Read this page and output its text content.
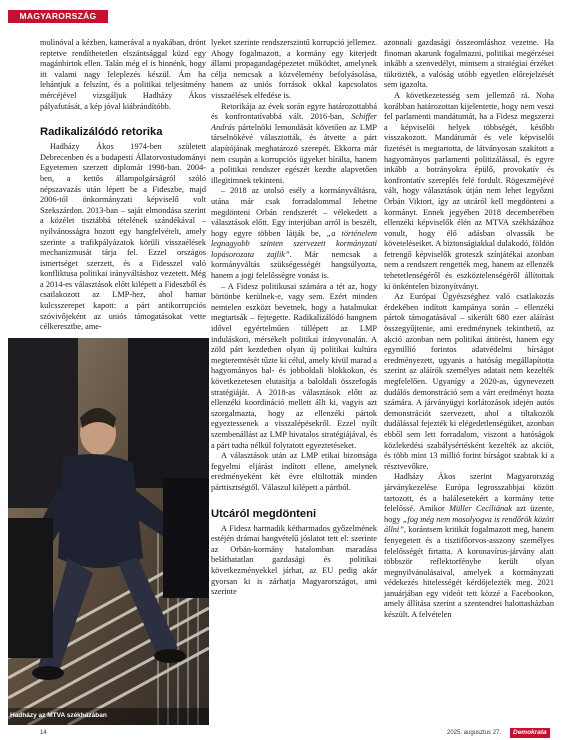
MAGYARORSZÁG

molinóval a kézben, kamerával a nyakában, drónt reptetve rendíthetetlen elszántsággal küzd egy magánbirtok ellen. Talán még el is hinnénk, hogy itt valami nagy leleplezés készül. Ám ha lehántjuk a felszínt, és a politikai teljesítmény mércéjével vizsgáljuk Hadházy Ákos pályafutását, a kép jóval kiábrándítóbb.

Radikalizálódó retorika

Hadházy Ákos 1974-ben született Debrecenben és a budapesti Állatorvostudományi Egyetemen szerzett diplomát 1998-ban. 2004-ben, a kettős állampolgárságról szóló népszavazás után lépett be a Fideszbe, majd 2006-tól önkormányzati képviselő volt Szekszárdon. 2013-ban – saját elmondása szerint a közélet tisztábbá tételének szándékával – nyilvánosságra hozott egy hangfelvételt, amely szerinte a trafikpályázatok körüli visszaélések mechanizmusát tárja fel. Ezzel országos ismertséget szerzett, és a Fidesszel való konfliktusa politikai irányváltáshoz vezetett. Még a 2014-es választások előtt kilépett a Fideszből és csatlakozott az LMP-hez, ahol hamar kulcsszerepet kapott: a párt antikorrupciós szóvivőjeként az uniós támogatásokat vette célkeresztbe, ame-

Hadházy az MTVA székházában

lyeket szerinte rendszerszintű korrupció jellemez. Ahogy fogalmazott, a kormány egy kiterjedt állami propagandagépezetet működtet, amelynek célja nemcsak a közvélemény befolyásolása, hanem az uniós források okkal kapcsolatos visszaélések elfedése is.

Retorikája az évek során egyre határozottabbá és konfrontatívabbá vált. 2016-ban, Schiffer András pártelnöki lemondását követően az LMP társelnökévé választották, és átvette a párt alapítójának meghatározó szerepét. Ekkorra már nem csupán a korrupciós ügyeket bírálta, hanem a politikai rendszer egészét kezdte alapvetően illegitimnek tekinteni.

– 2018 az utolsó esély a kormányváltásra, utána már csak forradalommal lehetne megdönteni Orbán rendszerét – vélekedett a választások előtt. Egy interjúban arról is beszélt, hogy egyre többen látják be, „a történelem legnagyobb szinten szervezett kormányzati lopásorozata zajlik”. Már nemcsak a kormányváltás szükségességét hangsúlyozta, hanem a jogi felelősségre vonást is.

– A Fidesz politikusai számára a tét az, hogy börtönbe kerülnek-e, vagy sem. Ezért minden nemtelen eszközt bevetnek, hogy a hatalmukat megtartsák – fejtegette. Radikalizálódó hangnem idővel egyértelműen túllépett az LMP induláskori, mérsékelt politikai irányvonalán. A zöld párt kezdetben olyan új politikai kultúra megteremtését tűzte ki célul, amely kívül marad a hagyományos bal- és jobboldali blokkokon, és következetesen elutasítja a baloldali összefogás stratégiáját. A 2018-as választások előtt az ellenzéki koordináció mellett állt ki, vagyis azt szorgalmazta, hogy az ellenzéki pártok egyeztessenek a visszalépésekről. Ezzel nyílt szembenállást az LMP hivatalos stratégiájával, és a párt tudta nélkül folytatott egyeztetéseket.

A választások után az LMP etikai bizottsága fegyelmi eljárást indított ellene, amelynek eredményeként két évre eltiltották minden párttisztségtől. Válaszul kilépett a pártból.

Utcáról megdönteni

A Fidesz harmadik kétharmados győzelmének estéjén drámai hangvételű jóslatot tett el: szerinte az Orbán-kormány hatalomban maradása beláthatatlan gazdasági és politikai következményekkel járhat, az EU pedig akár gyorsan ki is zárhatja Magyarországot, ami szerinte

azonnali gazdasági összeomláshoz vezetne. Ha finoman akarunk fogalmazni, politikai megérzései inkább a szenvedélyt, mintsem a stratégiai érzéket tükrözték, a valóság utóbb egyetlen előrejelzését sem igazolta.

A következetesség sem jellemző rá. Noha korábban határozottan kijelentette, hogy nem veszi fel parlamenti mandátumát, ha a Fidesz megszerzi a képviselői helyek többségét, később visszakozott. Mandátumát és vele képviselői fizetését is megtartotta, de látványosan szakított a hagyományos parlamenti politizálással, és egyre inkább a botrányokra épülő, provokatív és konfrontatív szereplés felé fordult. Rögeszméjévé vált, hogy választások útján nem lehet legyőzni Orbán Viktort, így az utcáról kell megdönteni a kormányt. Ennek jegyében 2018 decemberében ellenzéki képviselők élén az MTVA székházához vonult, hogy élő adásban olvassák be követeléseiket. A biztonságiakkal dulakodó, földön fetrengő képviselők groteszk színjátékai azonban nem a rendszert rengették meg, hanem az ellenzék tehetetlenségéről és eszköztelenségéről állítottak ki önkéntelen bizonyítványt.

Az Európai Ügyészséghez való csatlakozás érdekében indított kampánya során – ellenzéki pártok támogatásával – sikerült 680 ezer aláírást összegyűjtenie, ami eredménynek tekinthető, az akció azonban nem politikai áttörést, hanem egy egymillió forintos adatvédelmi bírságot eredményezett, ugyanis a hatóság megállapította szerint az aláírók személyes adatait nem kezelték megfelelően. Ugyanígy a 2020-as, úgynevezett dudálós demonstráció sem a várt eredményt hozta számára. A járványügyi korlátozások idején autós demonstrációt szervezett, ahol a tiltakozók dudálással fejezték ki elégedetlenségüket, azonban ebből sem lett forradalom, viszont a hatóságok közlekedési szabálysértésként kezelték az akciót, és több mint 13 millió forint bírságot szabtak ki a résztvevőkre.

Hadházy Ákos szerint Magyarország járványkezelése Európa legrosszabbjai között tartozott, és a halálesetekért a kormány tette felelőssé. Amikor Müller Cecíliának azt üzente, hogy „fog még nem mosolyogva is rendőrök között állni”, korántsem kritikát fogalmazott meg, hanem fenyegetett és a tisztifőorvos-asszony személyes felelősségét firtatta. A koronavírus-járvány alatt többször reflektorfénybe került olyan megnyilvánulásaival, amelyek a kormányzati védekezés hitelességét kérdőjelezték meg. 2021 januárjában egy videót tett közzé a Facebookon, amely állítása szerint a szentendrei halottasházban készült. A felvételen

14	2025. augusztus 27.	Demokrata
